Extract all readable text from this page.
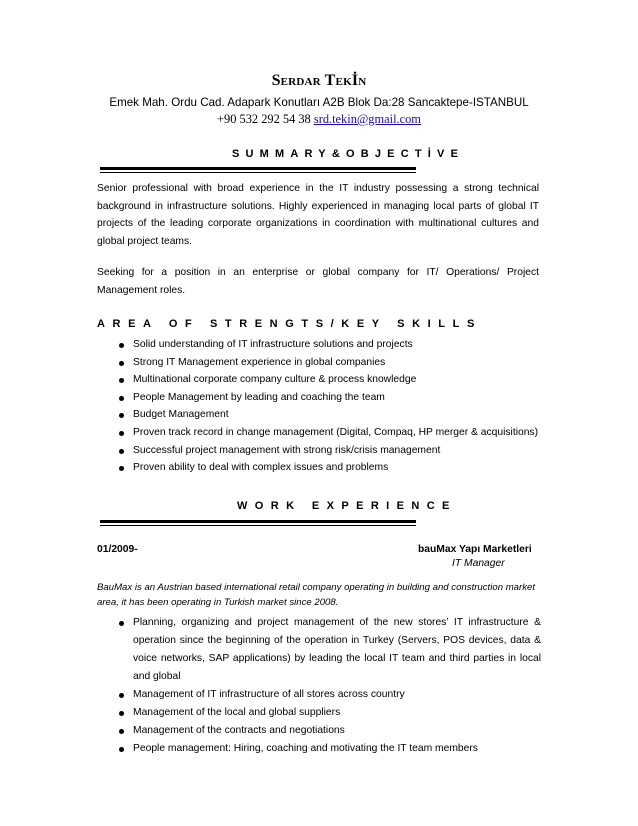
Serdar Tekİn
Emek Mah. Ordu Cad. Adapark Konutları A2B Blok Da:28 Sancaktepe-ISTANBUL
+90 532 292 54 38 srd.tekin@gmail.com
SUMMARY&OBJECTİVE
Senior professional with broad experience in the IT industry possessing a strong technical background in infrastructure solutions. Highly experienced in managing local parts of global IT projects of the leading corporate organizations in coordination with multinational cultures and global project teams.
Seeking for a position in an enterprise or global company for IT/ Operations/ Project Management roles.
AREA OF STRENGTS/KEY SKILLS
Solid understanding of IT infrastructure solutions and projects
Strong IT Management experience in global companies
Multinational corporate company culture & process knowledge
People Management by leading and coaching the team
Budget Management
Proven track record in change management (Digital, Compaq, HP merger & acquisitions)
Successful project management with strong risk/crisis management
Proven ability to deal with complex issues and problems
WORK EXPERIENCE
01/2009-	bauMax Yapı Marketleri
IT Manager
BauMax is an Austrian based international retail company operating in building and construction market area, it has been operating in Turkish market since 2008.
Planning, organizing and project management of the new stores’ IT infrastructure & operation since the beginning of the operation in Turkey (Servers, POS devices, data & voice networks, SAP applications) by leading the local IT team and third parties in local and global
Management of IT infrastructure of all stores across country
Management of the local and global suppliers
Management of the contracts and negotiations
People management: Hiring, coaching and motivating the IT team members
